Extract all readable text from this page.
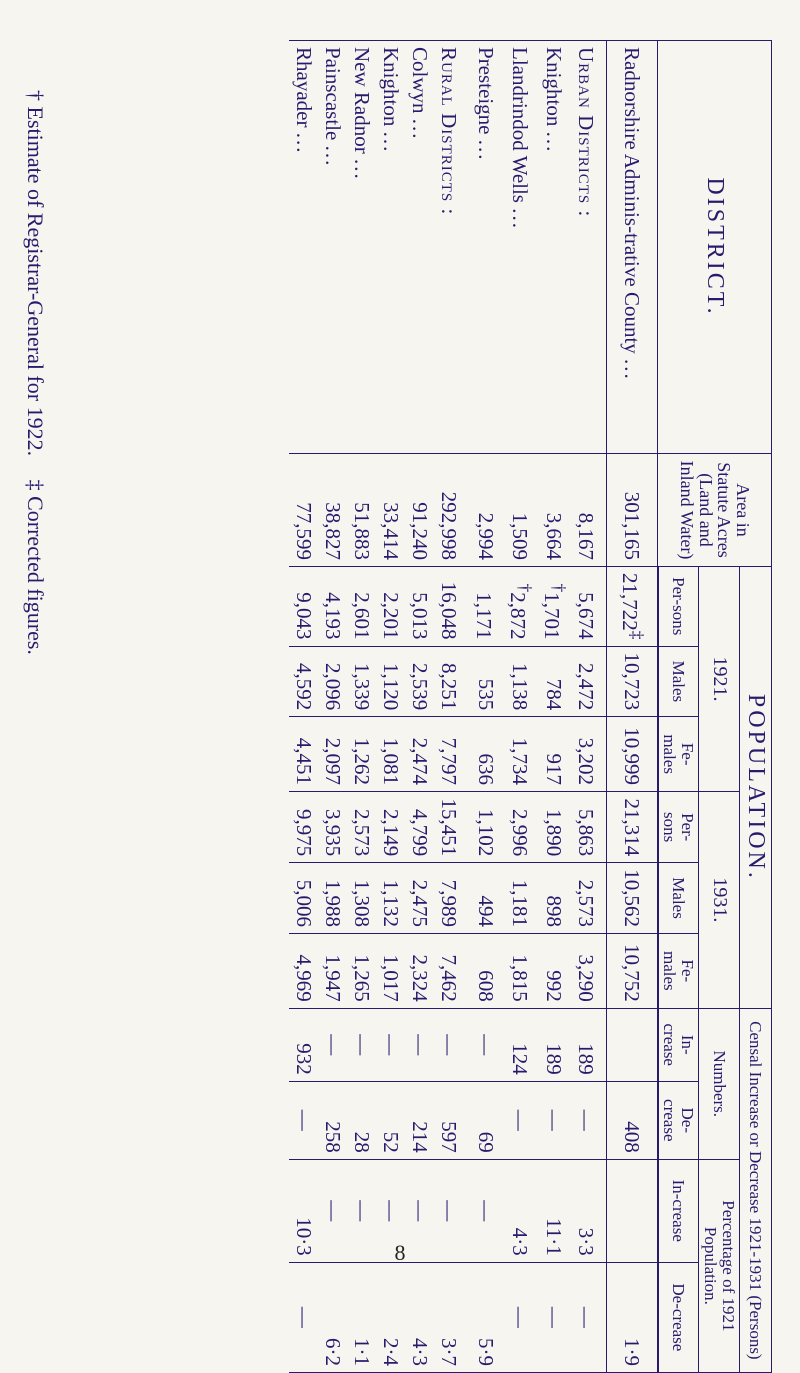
DISTRICT.	Area in Statute Acres (Land and Inland Water)	POPULATION.						Censal Increase or Decrease 1921-1931 (Persons)			
		1921.			1931.			Numbers.		Percentage of 1921 Population.	
		Per-sons	Males	Fe-males	Per-sons	Males	Fe-males	In-crease	De-crease	In-crease	De-crease
Radnorshire Adminis-trative County ...	301,165	21,722‡	10,723	10,999	21,314	10,562	10,752		408		1·9
Urban Districts :	8,167	5,674	2,472	3,202	5,863	2,573	3,290	189	—	3·3	—
Knighton ...	3,664	†1,701	784	917	1,890	898	992	189	—	11·1	—
Llandrindod Wells ...	1,509	†2,872	1,138	1,734	2,996	1,181	1,815	124	—	4·3	—
Presteigne ...	2,994	1,171	535	636	1,102	494	608	—	69	—	5·9
Rural Districts :	292,998	16,048	8,251	7,797	15,451	7,989	7,462	—	597	—	3·7
Colwyn ...	91,240	5,013	2,539	2,474	4,799	2,475	2,324	—	214	—	4·3
Knighton ...	33,414	2,201	1,120	1,081	2,149	1,132	1,017	—	52	—	2·4
New Radnor ...	51,883	2,601	1,339	1,262	2,573	1,308	1,265	—	28	—	1·1
Painscastle ...	38,827	4,193	2,096	2,097	3,935	1,988	1,947	—	258	—	6·2
Rhayader ...	77,599	9,043	4,592	4,451	9,975	5,006	4,969	932	—	10·3	—
† Estimate of Registrar-General for 1922. ‡ Corrected figures.
8
